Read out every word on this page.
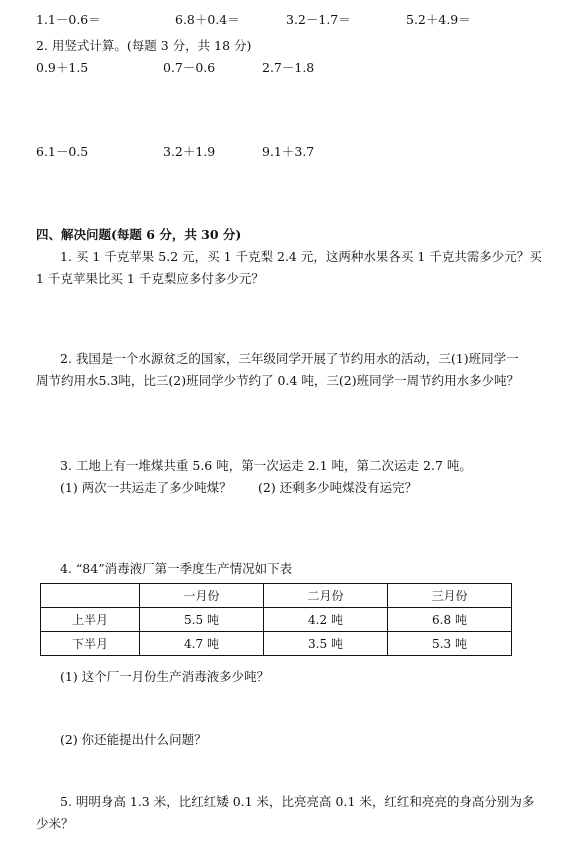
1.1－0.6＝	6.8＋0.4＝	3.2－1.7＝	5.2＋4.9＝
2. 用竖式计算。(每题 3 分，共 18 分)
0.9＋1.5	0.7－0.6	2.7－1.8
6.1－0.5	3.2＋1.9	9.1＋3.7
四、解决问题(每题 6 分，共 30 分)
1. 买 1 千克苹果 5.2 元，买 1 千克梨 2.4 元，这两种水果各买 1 千克共需多少元？买
1 千克苹果比买 1 千克梨应多付多少元？
2. 我国是一个水源贫乏的国家，三年级同学开展了节约用水的活动，三(1)班同学一
周节约用水5.3吨，比三(2)班同学少节约了 0.4 吨，三(2)班同学一周节约用水多少吨？
3. 工地上有一堆煤共重 5.6 吨，第一次运走 2.1 吨，第二次运走 2.7 吨。
(1) 两次一共运走了多少吨煤？ (2) 还剩多少吨煤没有运完？
4. “84”消毒液厂第一季度生产情况如下表
	一月份	二月份	三月份
上半月	5.5 吨	4.2 吨	6.8 吨
下半月	4.7 吨	3.5 吨	5.3 吨
(1) 这个厂一月份生产消毒液多少吨？
(2) 你还能提出什么问题？
5. 明明身高 1.3 米，比红红矮 0.1 米，比亮亮高 0.1 米，红红和亮亮的身高分别为多
少米？
